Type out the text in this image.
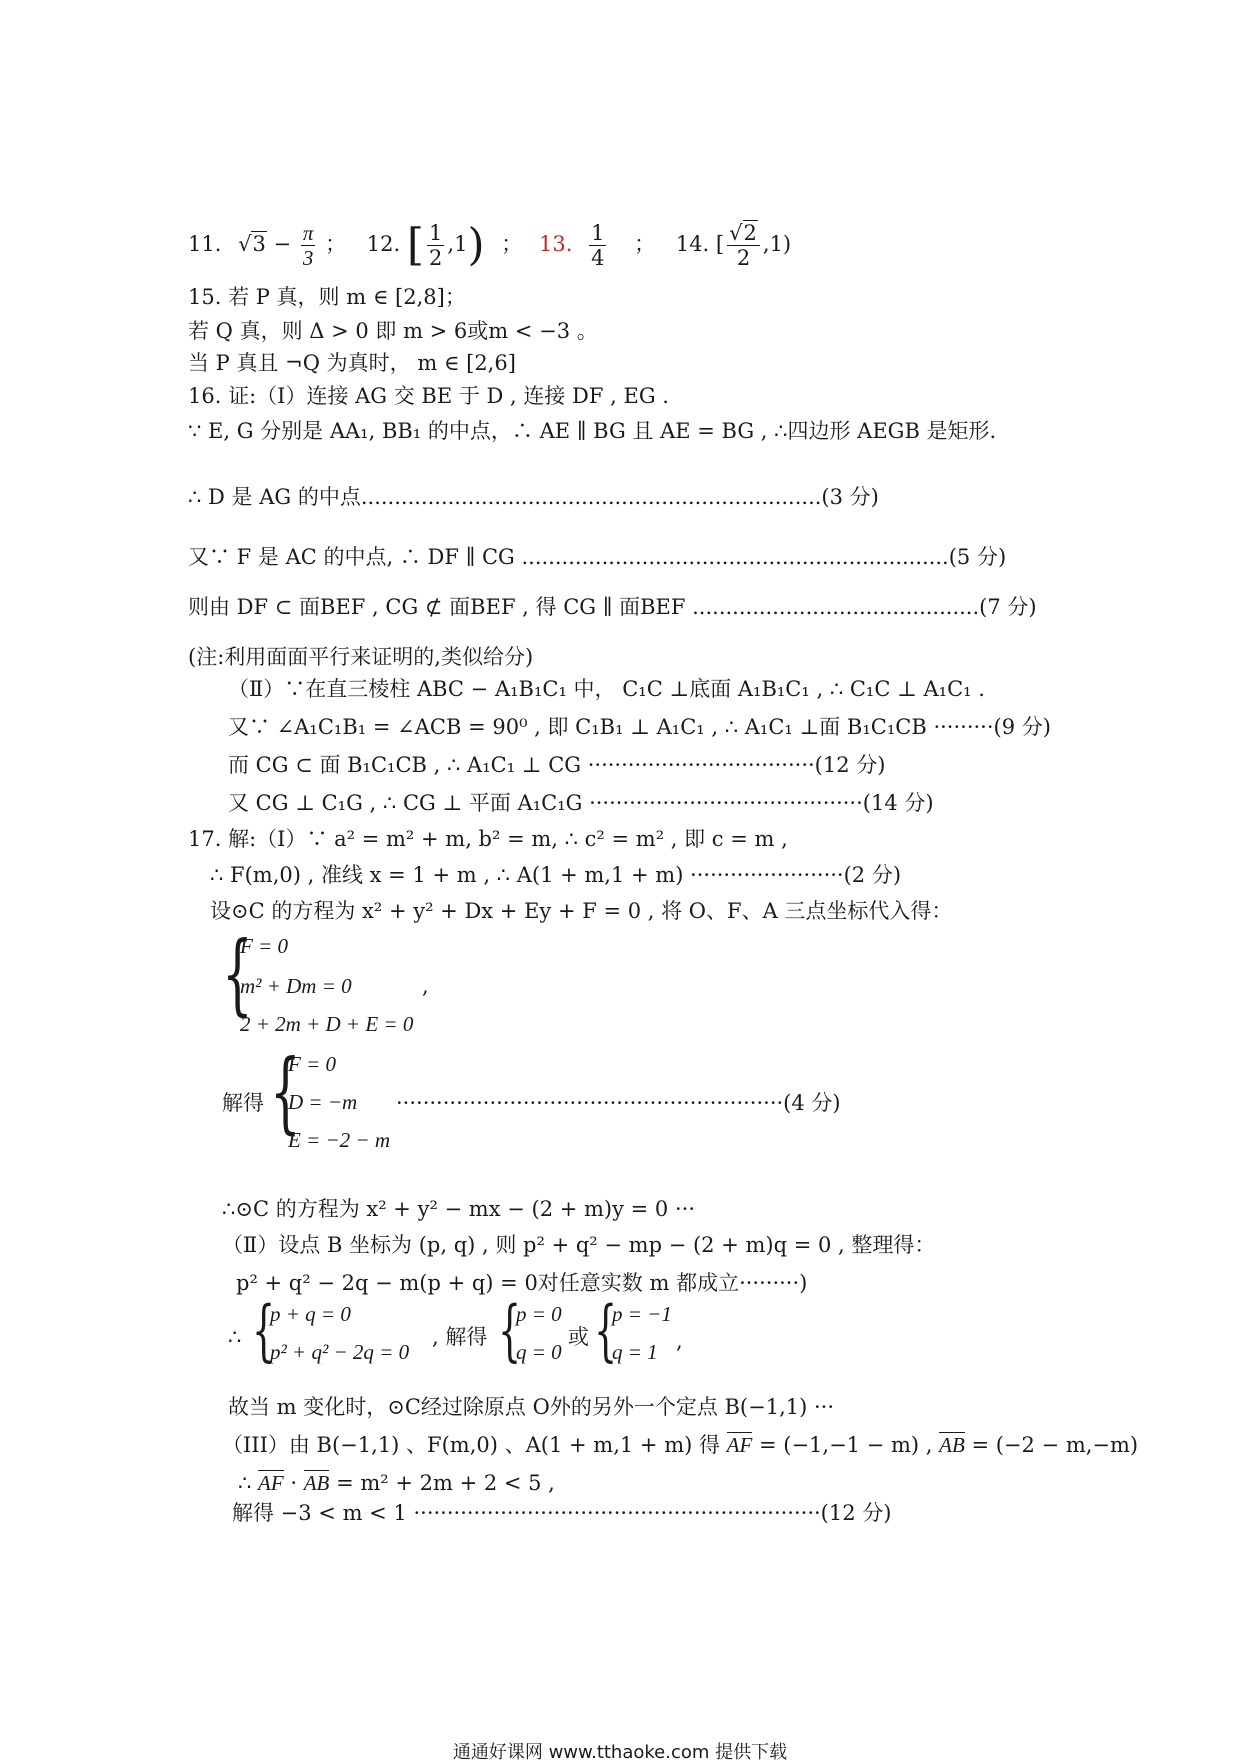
11. $√3 - \frac{\pi}{3}$ ； 12. [ $\frac{1}{2} ,1$) ； 13. $\frac{1}{4}$ ； 14. [ $\frac{√2}{2} ,1$)
15. 若 P 真，则 m ∈ [2,8]；
若 Q 真，则 Δ > 0 即 m > 6或m < −3 。
当 P 真且 ¬Q 为真时， m ∈ [2,6]
16. 证:（Ⅰ）连接 AG 交 BE 于 D , 连接 DF , EG .
∵ E, G 分别是 AA₁, BB₁ 的中点，∴ AE ∥ BG 且 AE = BG , ∴四边形 AEGB 是矩形.
∴ D 是 AG 的中点.....................................................................(3 分)
又∵ F 是 AC 的中点, ∴ DF ∥ CG ................................................................(5 分)
则由 DF ⊂ 面BEF , CG ⊄ 面BEF , 得 CG ∥ 面BEF ...........................................(7 分)
(注:利用面面平行来证明的,类似给分)
（Ⅱ）∵在直三棱柱 ABC − A₁B₁C₁ 中， C₁C ⊥底面 A₁B₁C₁ , ∴ C₁C ⊥ A₁C₁ .
又∵ ∠A₁C₁B₁ = ∠ACB = 90⁰ , 即 C₁B₁ ⊥ A₁C₁ , ∴ A₁C₁ ⊥面 B₁C₁CB ·········(9 分)
而 CG ⊂ 面 B₁C₁CB , ∴ A₁C₁ ⊥ CG ··································(12 分)
又 CG ⊥ C₁G , ∴ CG ⊥ 平面 A₁C₁G ·········································(14 分)
17. 解:（Ⅰ）∵ a² = m² + m, b² = m, ∴ c² = m² , 即 c = m ,
∴ F(m,0) , 准线 x = 1 + m , ∴ A(1 + m,1 + m) ·······················(2 分)
设⊙C 的方程为 x² + y² + Dx + Ey + F = 0 , 将 O、F、A 三点坐标代入得：
{
F = 0
m² + Dm = 0
2 + 2m + D + E = 0
,
解得 {
F = 0
D = −m
E = −2 − m
··························································(4 分)
∴⊙C 的方程为 x² + y² − mx − (2 + m)y = 0 ···
（Ⅱ）设点 B 坐标为 (p, q) , 则 p² + q² − mp − (2 + m)q = 0 , 整理得：
p² + q² − 2q − m(p + q) = 0对任意实数 m 都成立·········)
∴ {
p + q = 0
p² + q² − 2q = 0
, 解得 {
p = 0
q = 0
或 {
p = −1
q = 1 ,
故当 m 变化时，⊙C经过除原点 O外的另外一个定点 B(−1,1) ···
（III）由 B(−1,1) 、F(m,0) 、A(1 + m,1 + m) 得 AF = (−1,−1 − m) , AB = (−2 − m,−m)
∴ AF · AB = m² + 2m + 2 < 5 ,
解得 −3 < m < 1 ·····························································(12 分)
通通好课网 www.tthaoke.com 提供下载
